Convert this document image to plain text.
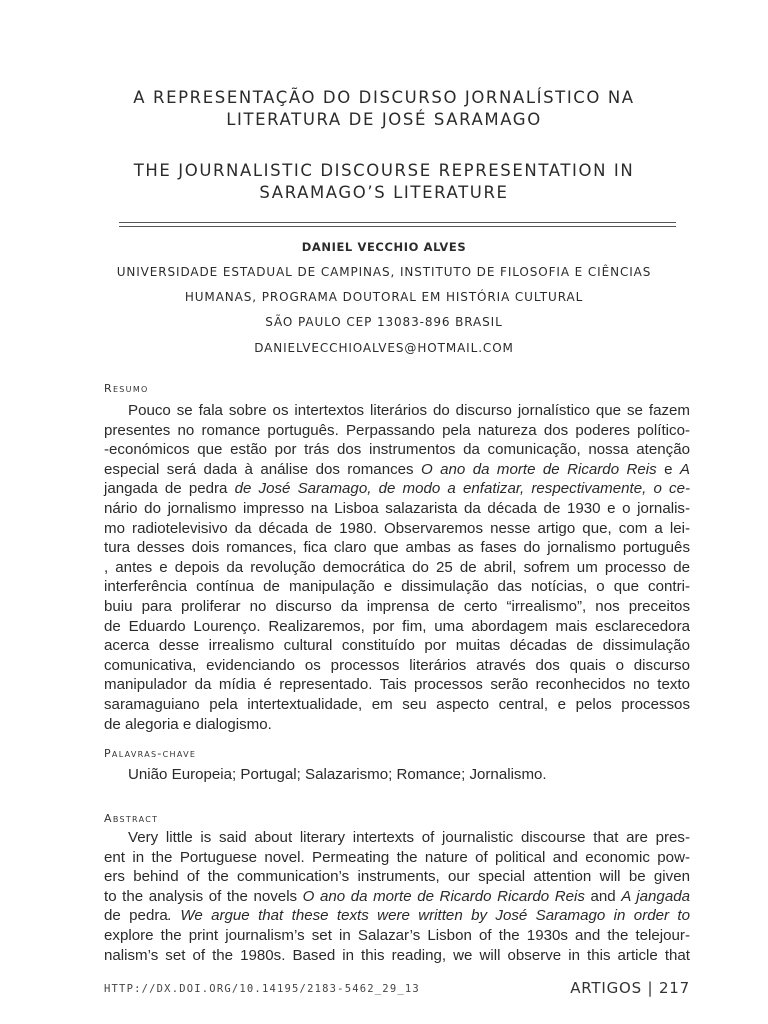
A REPRESENTAÇÃO DO DISCURSO JORNALÍSTICO NA
LITERATURA DE JOSÉ SARAMAGO
THE JOURNALISTIC DISCOURSE REPRESENTATION IN
SARAMAGO’S LITERATURE
DANIEL VECCHIO ALVES
UNIVERSIDADE ESTADUAL DE CAMPINAS, INSTITUTO DE FILOSOFIA E CIÊNCIAS
HUMANAS, PROGRAMA DOUTORAL EM HISTÓRIA CULTURAL
SÃO PAULO CEP 13083-896 BRASIL
DANIELVECCHIOALVES@HOTMAIL.COM
Resumo
Pouco se fala sobre os intertextos literários do discurso jornalístico que se fazem
presentes no romance português. Perpassando pela natureza dos poderes político-
-económicos que estão por trás dos instrumentos da comunicação, nossa atenção
especial será dada à análise dos romances O ano da morte de Ricardo Reis e A
jangada de pedra de José Saramago, de modo a enfatizar, respectivamente, o ce-
nário do jornalismo impresso na Lisboa salazarista da década de 1930 e o jornalis-
mo radiotelevisivo da década de 1980. Observaremos nesse artigo que, com a lei-
tura desses dois romances, fica claro que ambas as fases do jornalismo português
, antes e depois da revolução democrática do 25 de abril, sofrem um processo de
interferência contínua de manipulação e dissimulação das notícias, o que contri-
buiu para proliferar no discurso da imprensa de certo “irrealismo”, nos preceitos
de Eduardo Lourenço. Realizaremos, por fim, uma abordagem mais esclarecedora
acerca desse irrealismo cultural constituído por muitas décadas de dissimulação
comunicativa, evidenciando os processos literários através dos quais o discurso
manipulador da mídia é representado. Tais processos serão reconhecidos no texto
saramaguiano pela intertextualidade, em seu aspecto central, e pelos processos
de alegoria e dialogismo.
Palavras-chave
União Europeia; Portugal; Salazarismo; Romance; Jornalismo.
Abstract
Very little is said about literary intertexts of journalistic discourse that are pres-
ent in the Portuguese novel. Permeating the nature of political and economic pow-
ers behind of the communication’s instruments, our special attention will be given
to the analysis of the novels O ano da morte de Ricardo Ricardo Reis and A jangada
de pedra. We argue that these texts were written by José Saramago in order to
explore the print journalism’s set in Salazar’s Lisbon of the 1930s and the telejour-
nalism’s set of the 1980s. Based in this reading, we will observe in this article that
HTTP://DX.DOI.ORG/10.14195/2183-5462_29_13	ARTIGOS | 217
